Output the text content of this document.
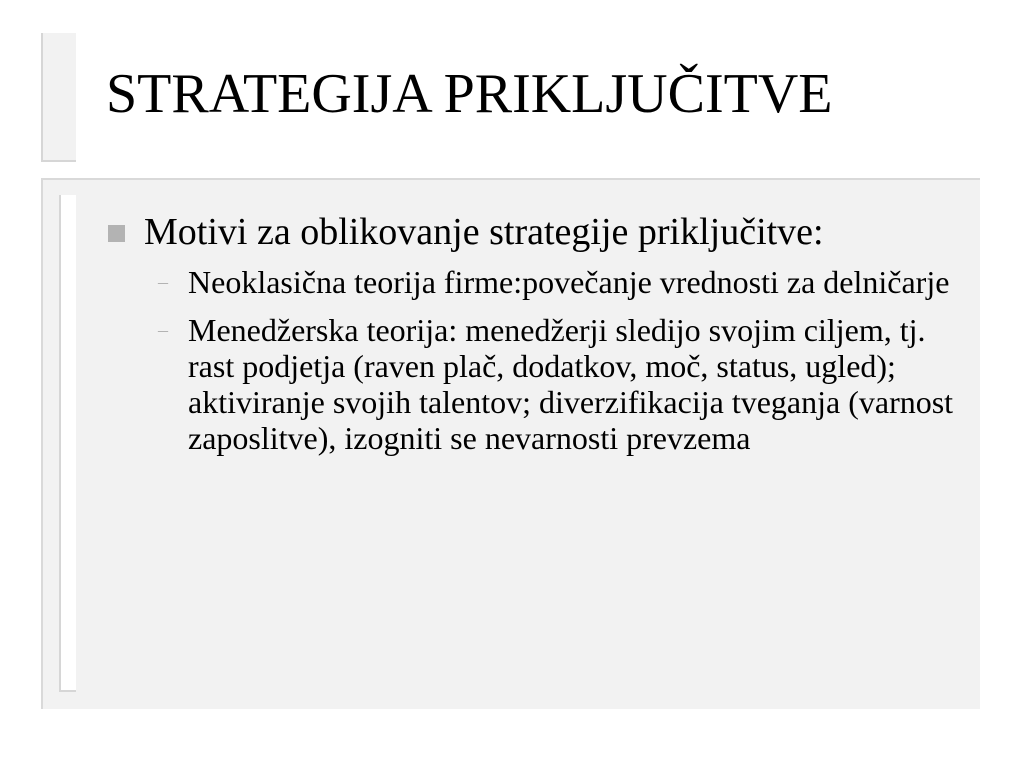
STRATEGIJA PRIKLJUČITVE
Motivi za oblikovanje strategije priključitve:
– Neoklasična teorija firme:povečanje vrednosti za delničarje
– Menedžerska teorija: menedžerji sledijo svojim ciljem, tj. rast podjetja (raven plač, dodatkov, moč, status, ugled); aktiviranje svojih talentov; diverzifikacija tveganja (varnost zaposlitve), izogniti se nevarnosti prevzema
